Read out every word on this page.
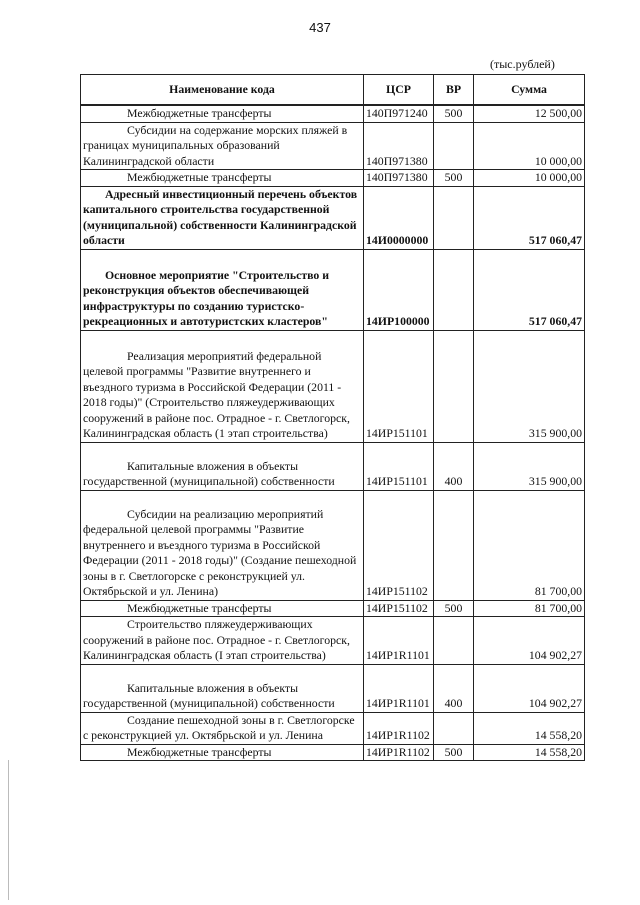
437
(тыс.рублей)
Наименование кода	ЦСР	ВР	Сумма

Межбюджетные трансферты	140П971240	500	12 500,00

Субсидии на содержание морских пляжей в границах муниципальных образований Калининградской области	140П971380		10 000,00

Межбюджетные трансферты	140П971380	500	10 000,00

Адресный инвестиционный перечень объектов капитального строительства государственной (муниципальной) собственности Калининградской области	14И0000000		517 060,47

Основное мероприятие "Строительство и реконструкция объектов обеспечивающей инфраструктуры по созданию туристско-рекреационных и автотуристских кластеров"	14ИР100000		517 060,47

Реализация мероприятий федеральной целевой программы "Развитие внутреннего и въездного туризма в Российской Федерации (2011 - 2018 годы)" (Строительство пляжеудерживающих сооружений в районе пос. Отрадное - г. Светлогорск, Калининградская область (1 этап строительства)	14ИР151101		315 900,00

Капитальные вложения в объекты государственной (муниципальной) собственности	14ИР151101	400	315 900,00

Субсидии на реализацию мероприятий федеральной целевой программы "Развитие внутреннего и въездного туризма в Российской Федерации (2011 - 2018 годы)" (Создание пешеходной зоны в г. Светлогорске с реконструкцией ул. Октябрьской и ул. Ленина)	14ИР151102		81 700,00

Межбюджетные трансферты	14ИР151102	500	81 700,00

Строительство пляжеудерживающих сооружений в районе пос. Отрадное - г. Светлогорск, Калининградская область (I этап строительства)	14ИР1R1101		104 902,27

Капитальные вложения в объекты государственной (муниципальной) собственности	14ИР1R1101	400	104 902,27

Создание пешеходной зоны в г. Светлогорске с реконструкцией ул. Октябрьской и ул. Ленина	14ИР1R1102		14 558,20

Межбюджетные трансферты	14ИР1R1102	500	14 558,20
